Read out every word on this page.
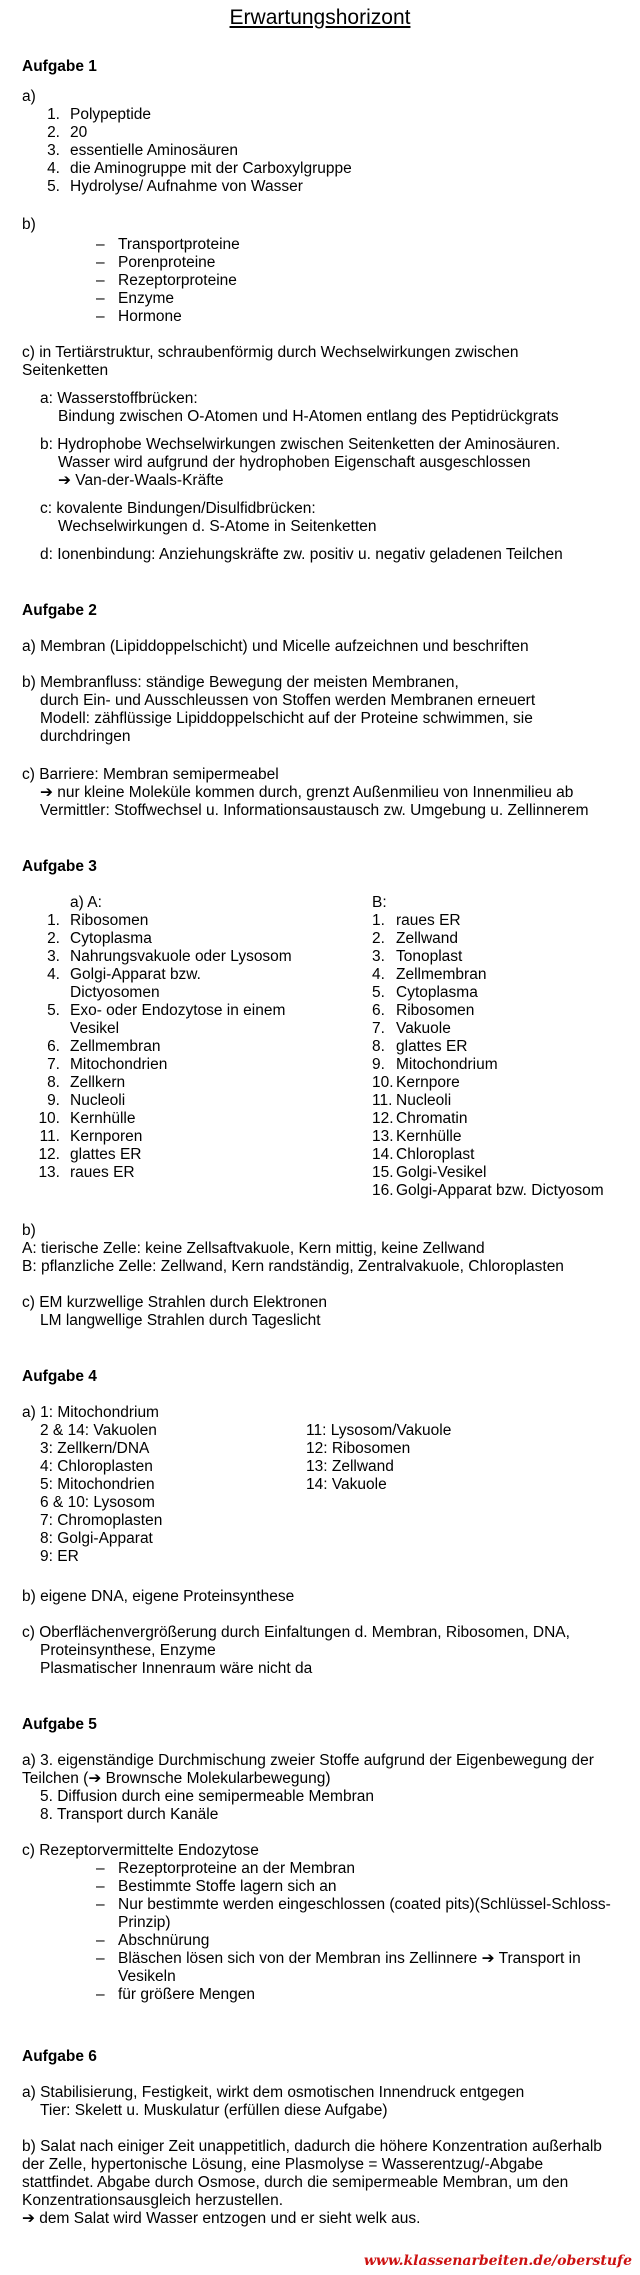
Erwartungshorizont
Aufgabe 1
a)
1. Polypeptide
2. 20
3. essentielle Aminosäuren
4. die Aminogruppe mit der Carboxylgruppe
5. Hydrolyse/ Aufnahme von Wasser
b)
– Transportproteine
– Porenproteine
– Rezeptorproteine
– Enzyme
– Hormone
c) in Tertiärstruktur, schraubenförmig durch Wechselwirkungen zwischen
Seitenketten
a: Wasserstoffbrücken:
Bindung zwischen O-Atomen und H-Atomen entlang des Peptidrückgrats
b: Hydrophobe Wechselwirkungen zwischen Seitenketten der Aminosäuren.
Wasser wird aufgrund der hydrophoben Eigenschaft ausgeschlossen
➔ Van-der-Waals-Kräfte
c: kovalente Bindungen/Disulfidbrücken:
Wechselwirkungen d. S-Atome in Seitenketten
d: Ionenbindung: Anziehungskräfte zw. positiv u. negativ geladenen Teilchen
Aufgabe 2
a) Membran (Lipiddoppelschicht) und Micelle aufzeichnen und beschriften
b) Membranfluss: ständige Bewegung der meisten Membranen,
durch Ein- und Ausschleussen von Stoffen werden Membranen erneuert
Modell: zähflüssige Lipiddoppelschicht auf der Proteine schwimmen, sie
durchdringen
c) Barriere: Membran semipermeabel
➔ nur kleine Moleküle kommen durch, grenzt Außenmilieu von Innenmilieu ab
Vermittler: Stoffwechsel u. Informationsaustausch zw. Umgebung u. Zellinnerem
Aufgabe 3
a) A:	B:
1. Ribosomen
2. Cytoplasma
3. Nahrungsvakuole oder Lysosom
4. Golgi-Apparat bzw.
Dictyosomen
5. Exo- oder Endozytose in einem
Vesikel
6. Zellmembran
7. Mitochondrien
8. Zellkern
9. Nucleoli
10. Kernhülle
11. Kernporen
12. glattes ER
13. raues ER
1. raues ER
2. Zellwand
3. Tonoplast
4. Zellmembran
5. Cytoplasma
6. Ribosomen
7. Vakuole
8. glattes ER
9. Mitochondrium
10. Kernpore
11. Nucleoli
12. Chromatin
13. Kernhülle
14. Chloroplast
15. Golgi-Vesikel
16. Golgi-Apparat bzw. Dictyosom
b)
A: tierische Zelle: keine Zellsaftvakuole, Kern mittig, keine Zellwand
B: pflanzliche Zelle: Zellwand, Kern randständig, Zentralvakuole, Chloroplasten
c) EM kurzwellige Strahlen durch Elektronen
LM langwellige Strahlen durch Tageslicht
Aufgabe 4
a) 1: Mitochondrium
2 & 14: Vakuolen
3: Zellkern/DNA
4: Chloroplasten
5: Mitochondrien
6 & 10: Lysosom
7: Chromoplasten
8: Golgi-Apparat
9: ER
11: Lysosom/Vakuole
12: Ribosomen
13: Zellwand
14: Vakuole
b) eigene DNA, eigene Proteinsynthese
c) Oberflächenvergrößerung durch Einfaltungen d. Membran, Ribosomen, DNA,
Proteinsynthese, Enzyme
Plasmatischer Innenraum wäre nicht da
Aufgabe 5
a) 3. eigenständige Durchmischung zweier Stoffe aufgrund der Eigenbewegung der
Teilchen (➔ Brownsche Molekularbewegung)
5. Diffusion durch eine semipermeable Membran
8. Transport durch Kanäle
c) Rezeptorvermittelte Endozytose
– Rezeptorproteine an der Membran
– Bestimmte Stoffe lagern sich an
– Nur bestimmte werden eingeschlossen (coated pits)(Schlüssel-Schloss-
Prinzip)
– Abschnürung
– Bläschen lösen sich von der Membran ins Zellinnere ➔ Transport in
Vesikeln
– für größere Mengen
Aufgabe 6
a) Stabilisierung, Festigkeit, wirkt dem osmotischen Innendruck entgegen
Tier: Skelett u. Muskulatur (erfüllen diese Aufgabe)
b) Salat nach einiger Zeit unappetitlich, dadurch die höhere Konzentration außerhalb
der Zelle, hypertonische Lösung, eine Plasmolyse = Wasserentzug/-Abgabe
stattfindet. Abgabe durch Osmose, durch die semipermeable Membran, um den
Konzentrationsausgleich herzustellen.
➔ dem Salat wird Wasser entzogen und er sieht welk aus.
www.klassenarbeiten.de/oberstufe
